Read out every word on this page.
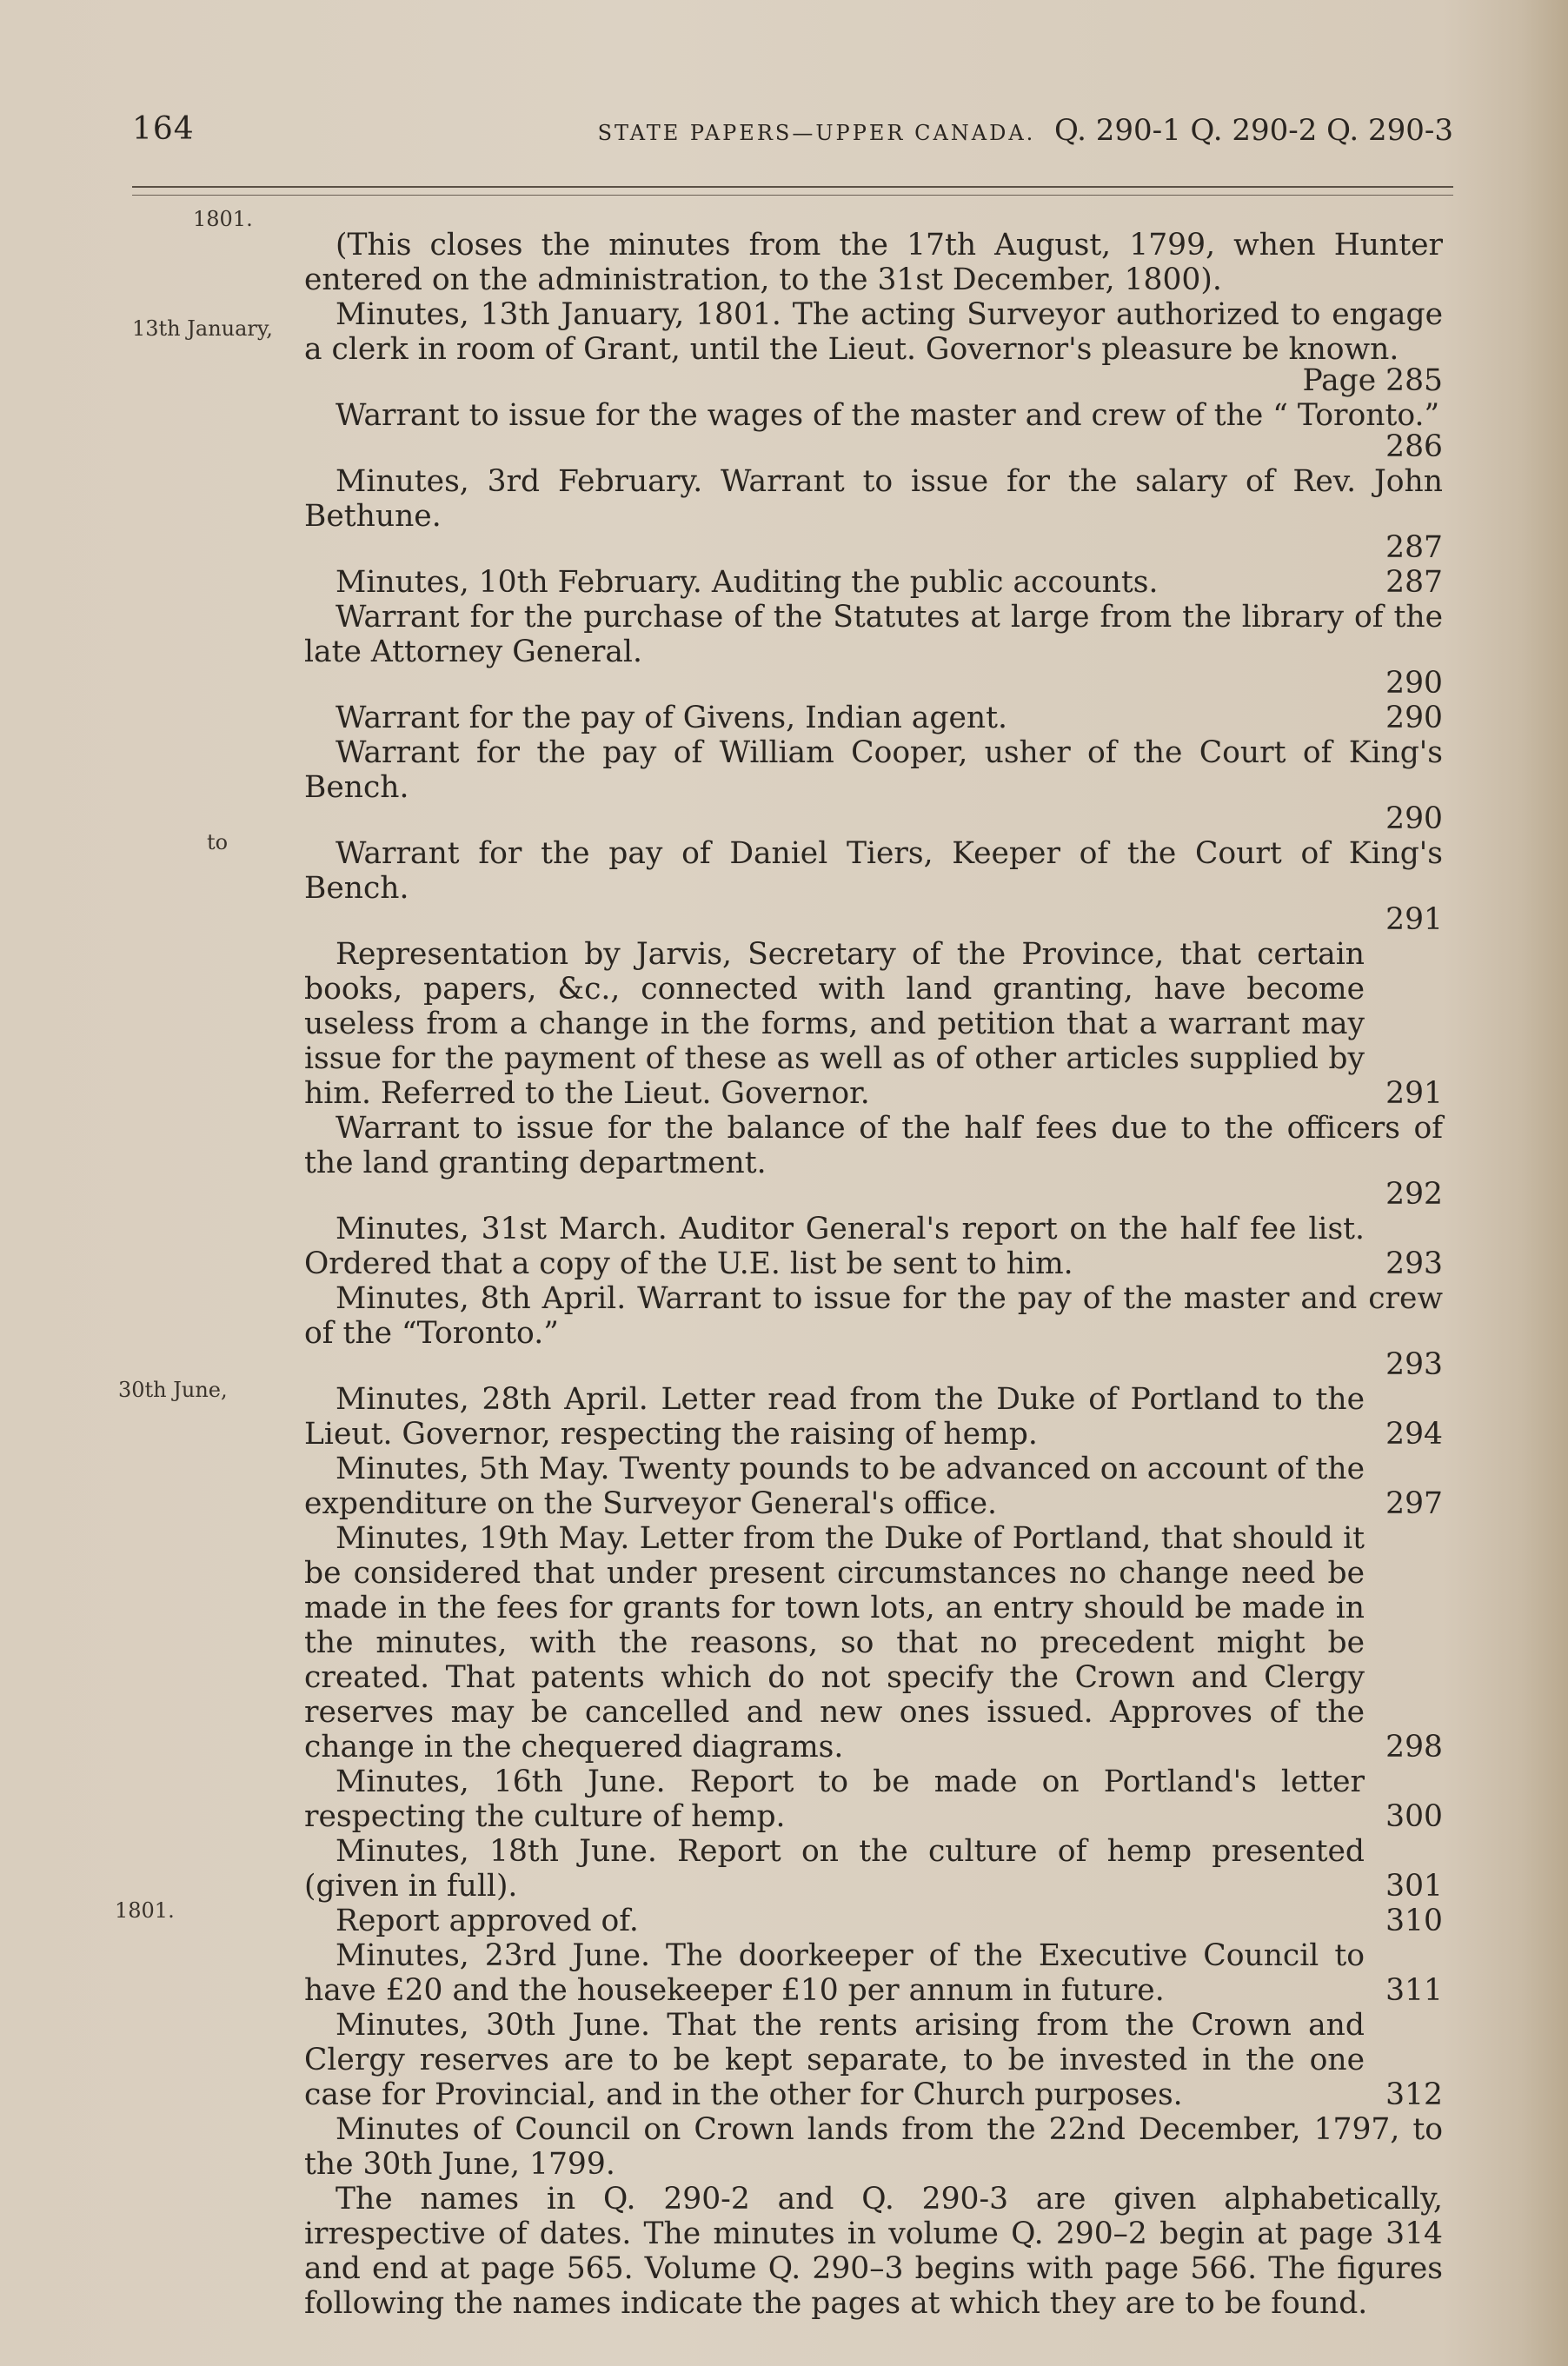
164	STATE PAPERS—UPPER CANADA. Q. 290-1 Q. 290-2 Q. 290-3
1801.
13th January,
to
30th June,
1801.

(This closes the minutes from the 17th August, 1799, when Hunter entered on the administration, to the 31st December, 1800).

Minutes, 13th January, 1801. The acting Surveyor authorized to engage a clerk in room of Grant, until the Lieut. Governor's pleasure be known.

Page 285

Warrant to issue for the wages of the master and crew of the “ Toronto.”

286

Minutes, 3rd February. Warrant to issue for the salary of Rev. John Bethune.

287

Minutes, 10th February. Auditing the public accounts.	287

Warrant for the purchase of the Statutes at large from the library of the late Attorney General.

290

Warrant for the pay of Givens, Indian agent.	290

Warrant for the pay of William Cooper, usher of the Court of King's Bench.

290

Warrant for the pay of Daniel Tiers, Keeper of the Court of King's Bench.

291

Representation by Jarvis, Secretary of the Province, that certain books, papers, &c., connected with land granting, have become useless from a change in the forms, and petition that a warrant may issue for the payment of these as well as of other articles supplied by him. Referred to the Lieut. Governor.	291

Warrant to issue for the balance of the half fees due to the officers of the land granting department.

292

Minutes, 31st March. Auditor General's report on the half fee list. Ordered that a copy of the U.E. list be sent to him.	293

Minutes, 8th April. Warrant to issue for the pay of the master and crew of the “Toronto.”

293

Minutes, 28th April. Letter read from the Duke of Portland to the Lieut. Governor, respecting the raising of hemp.	294

Minutes, 5th May. Twenty pounds to be advanced on account of the expenditure on the Surveyor General's office.	297

Minutes, 19th May. Letter from the Duke of Portland, that should it be considered that under present circumstances no change need be made in the fees for grants for town lots, an entry should be made in the minutes, with the reasons, so that no precedent might be created. That patents which do not specify the Crown and Clergy reserves may be cancelled and new ones issued. Approves of the change in the chequered diagrams.	298

Minutes, 16th June. Report to be made on Portland's letter respecting the culture of hemp.	300

Minutes, 18th June. Report on the culture of hemp presented (given in full).	301

Report approved of.	310

Minutes, 23rd June. The doorkeeper of the Executive Council to have £20 and the housekeeper £10 per annum in future.	311

Minutes, 30th June. That the rents arising from the Crown and Clergy reserves are to be kept separate, to be invested in the one case for Provincial, and in the other for Church purposes.	312

Minutes of Council on Crown lands from the 22nd December, 1797, to the 30th June, 1799.

The names in Q. 290-2 and Q. 290-3 are given alphabetically, irrespective of dates. The minutes in volume Q. 290–2 begin at page 314 and end at page 565. Volume Q. 290–3 begins with page 566. The figures following the names indicate the pages at which they are to be found.
